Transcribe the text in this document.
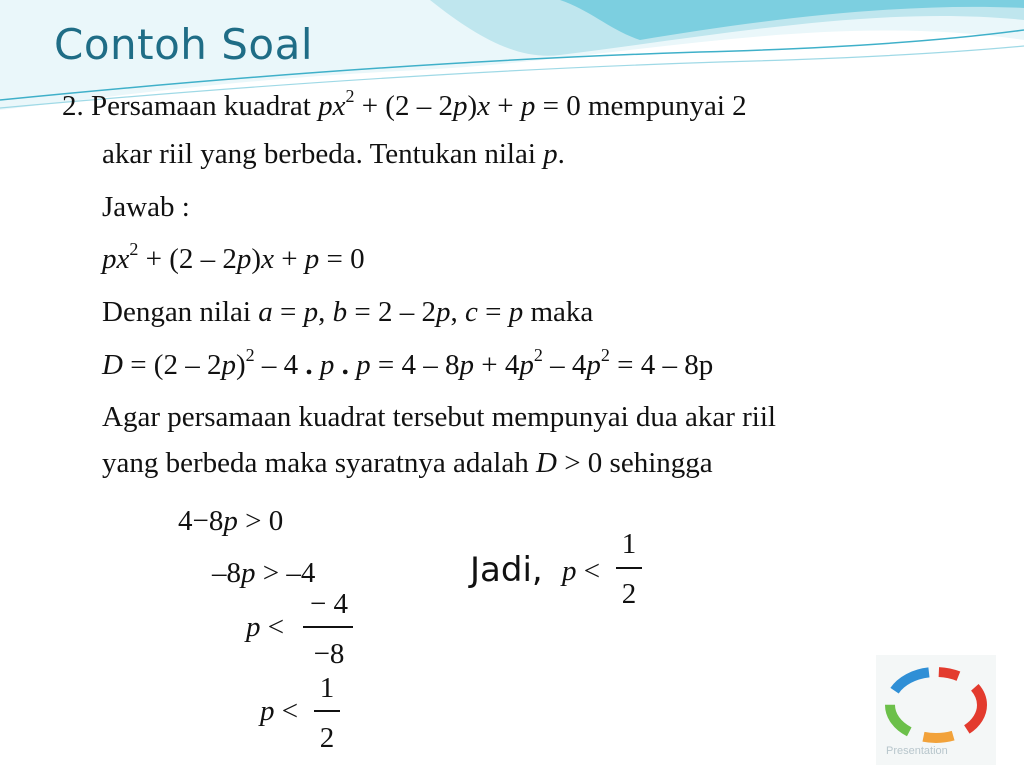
Contoh Soal
2. Persamaan kuadrat $px^2 + (2 - 2p)x + p = 0$ mempunyai 2
akar riil yang berbeda. Tentukan nilai p.
Jawab :
$px^2 + (2 - 2p)x + p = 0$
Dengan nilai a = p, b = 2 – 2p, c = p maka
D = (2 – 2p)$^2$ – 4 . p . $p = 4 - 8p + 4p^2 - 4p^2 = 4 - 8p$
Agar persamaan kuadrat tersebut mempunyai dua akar riil
yang berbeda maka syaratnya adalah D > 0 sehingga
4−8p > 0
–8p > –4
p <
− 4
−8
p <
1
2
Jadi, p <
1
2
Presentation
